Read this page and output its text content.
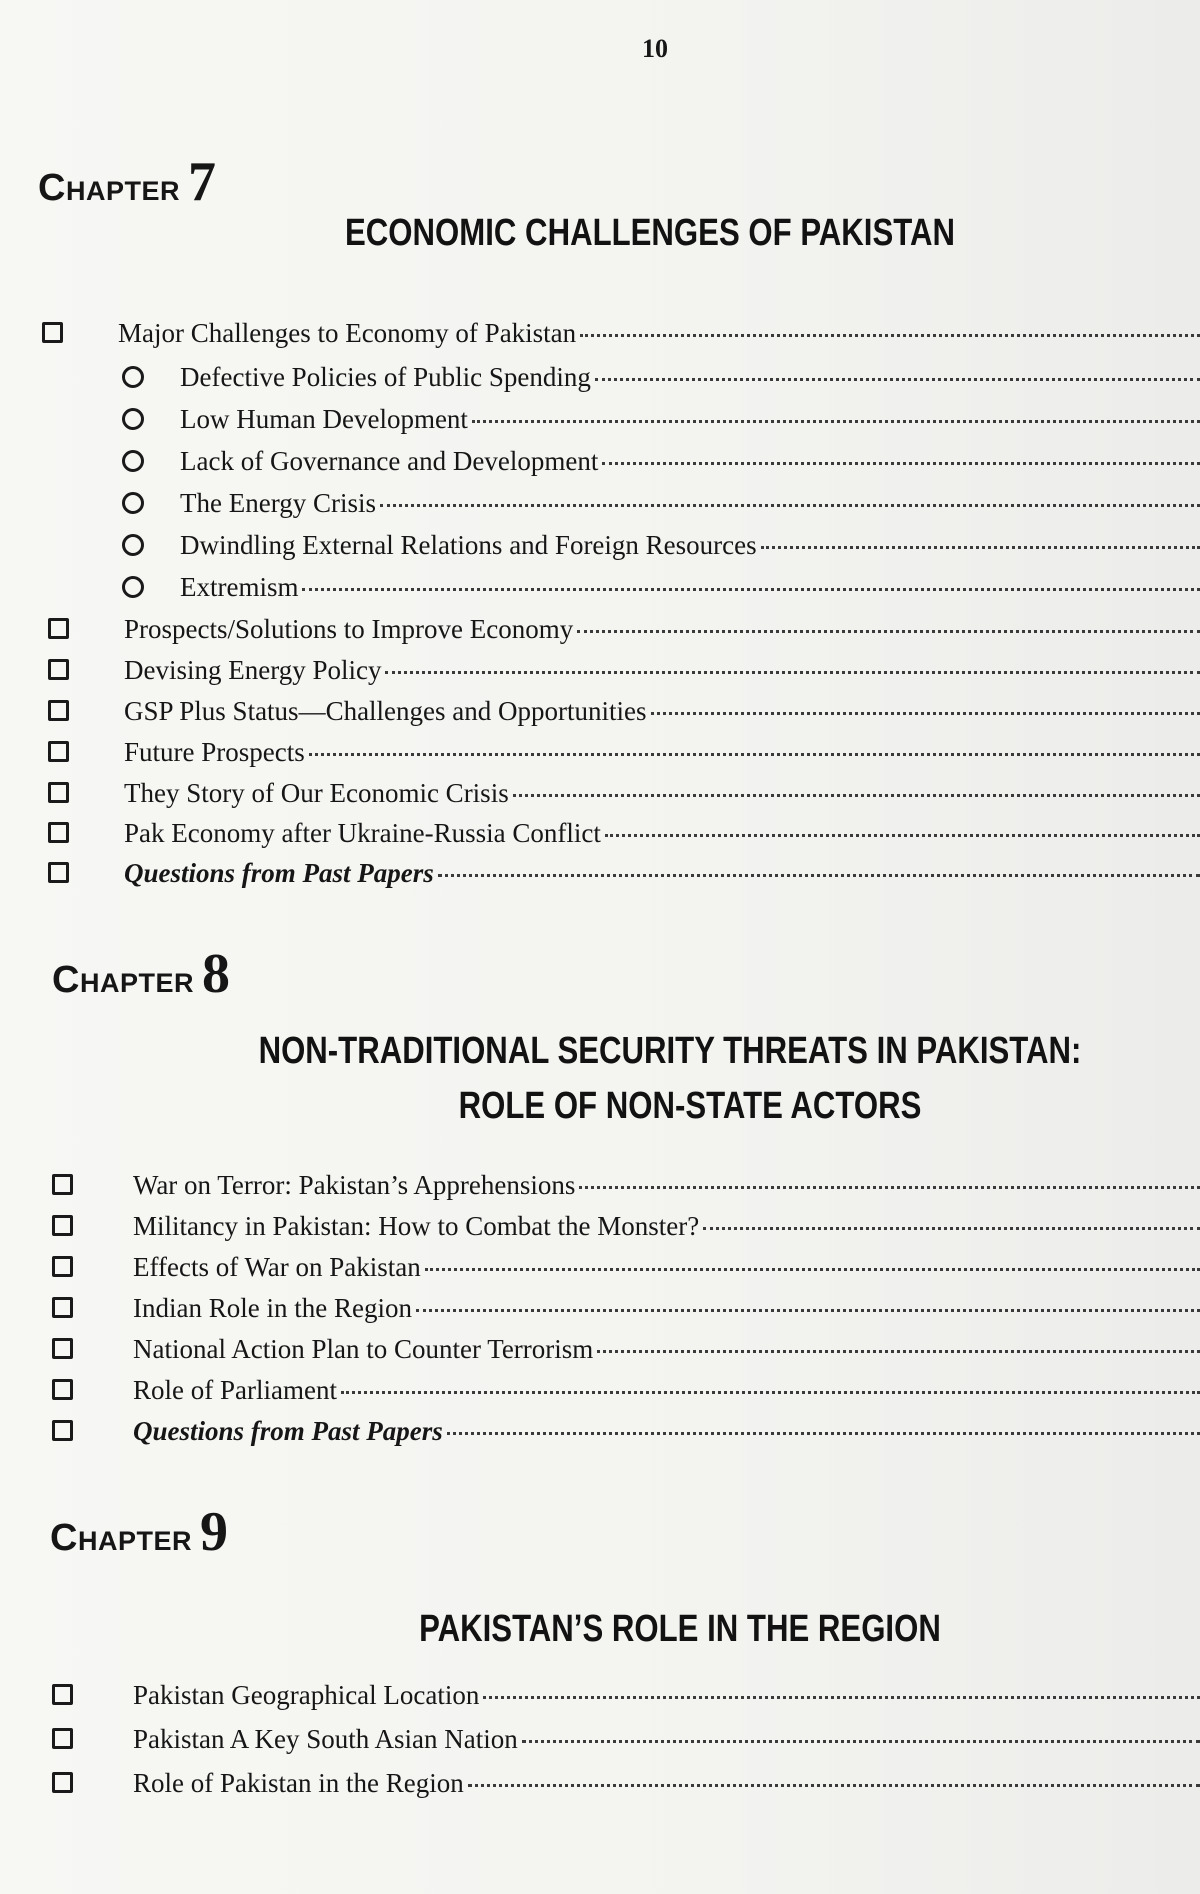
10
Chapter 7
ECONOMIC CHALLENGES OF PAKISTAN
Major Challenges to Economy of Pakistan
Defective Policies of Public Spending
Low Human Development
Lack of Governance and Development
The Energy Crisis
Dwindling External Relations and Foreign Resources
Extremism
Prospects/Solutions to Improve Economy
Devising Energy Policy
GSP Plus Status—Challenges and Opportunities
Future Prospects
They Story of Our Economic Crisis
Pak Economy after Ukraine-Russia Conflict
Questions from Past Papers
Chapter 8
NON-TRADITIONAL SECURITY THREATS IN PAKISTAN:
ROLE OF NON-STATE ACTORS
War on Terror: Pakistan’s Apprehensions
Militancy in Pakistan: How to Combat the Monster?
Effects of War on Pakistan
Indian Role in the Region
National Action Plan to Counter Terrorism
Role of Parliament
Questions from Past Papers
Chapter 9
PAKISTAN’S ROLE IN THE REGION
Pakistan Geographical Location
Pakistan A Key South Asian Nation
Role of Pakistan in the Region
